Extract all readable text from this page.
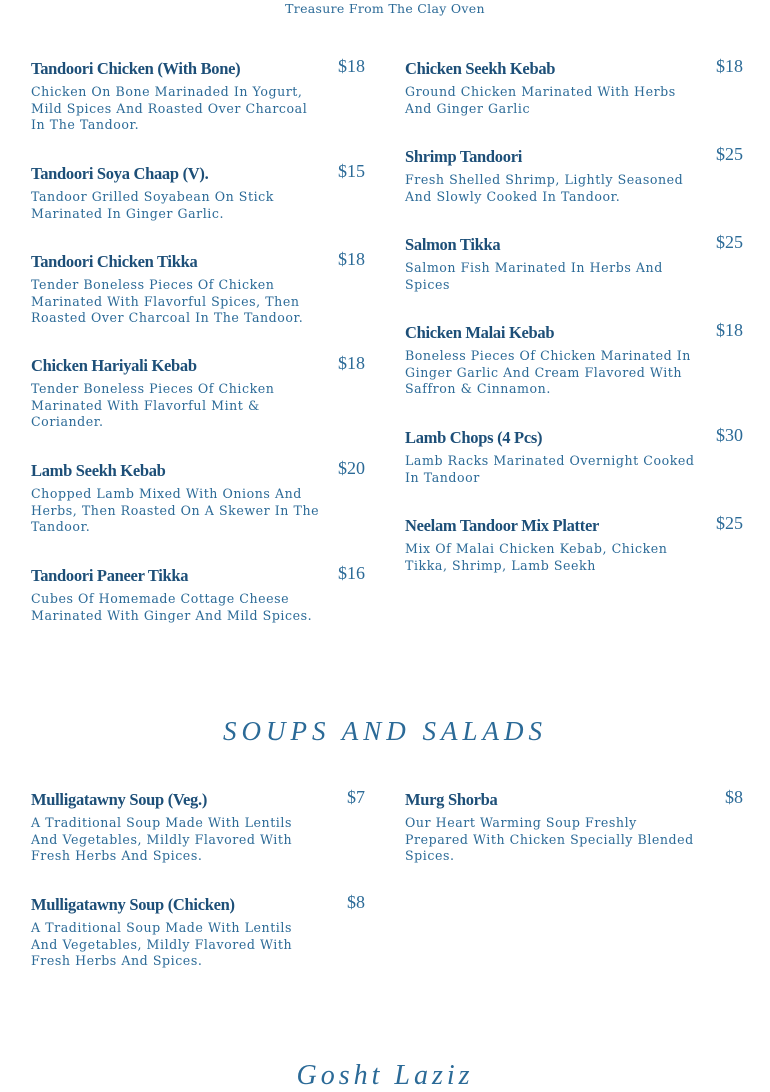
Treasure From The Clay Oven
Tandoori Chicken (With Bone)	$18
Chicken On Bone Marinaded In Yogurt, Mild Spices And Roasted Over Charcoal In The Tandoor.
Tandoori Soya Chaap (V).	$15
Tandoor Grilled Soyabean On Stick Marinated In Ginger Garlic.
Tandoori Chicken Tikka	$18
Tender Boneless Pieces Of Chicken Marinated With Flavorful Spices, Then Roasted Over Charcoal In The Tandoor.
Chicken Hariyali Kebab	$18
Tender Boneless Pieces Of Chicken Marinated With Flavorful Mint & Coriander.
Lamb Seekh Kebab	$20
Chopped Lamb Mixed With Onions And Herbs, Then Roasted On A Skewer In The Tandoor.
Tandoori Paneer Tikka	$16
Cubes Of Homemade Cottage Cheese Marinated With Ginger And Mild Spices.
Chicken Seekh Kebab	$18
Ground Chicken Marinated With Herbs And Ginger Garlic
Shrimp Tandoori	$25
Fresh Shelled Shrimp, Lightly Seasoned And Slowly Cooked In Tandoor.
Salmon Tikka	$25
Salmon Fish Marinated In Herbs And Spices
Chicken Malai Kebab	$18
Boneless Pieces Of Chicken Marinated In Ginger Garlic And Cream Flavored With Saffron & Cinnamon.
Lamb Chops (4 Pcs)	$30
Lamb Racks Marinated Overnight Cooked In Tandoor
Neelam Tandoor Mix Platter	$25
Mix Of Malai Chicken Kebab, Chicken Tikka, Shrimp, Lamb Seekh
SOUPS AND SALADS
Mulligatawny Soup (Veg.)	$7
A Traditional Soup Made With Lentils And Vegetables, Mildly Flavored With Fresh Herbs And Spices.
Mulligatawny Soup (Chicken)	$8
A Traditional Soup Made With Lentils And Vegetables, Mildly Flavored With Fresh Herbs And Spices.
Murg Shorba	$8
Our Heart Warming Soup Freshly Prepared With Chicken Specially Blended Spices.
Gosht Laziz
